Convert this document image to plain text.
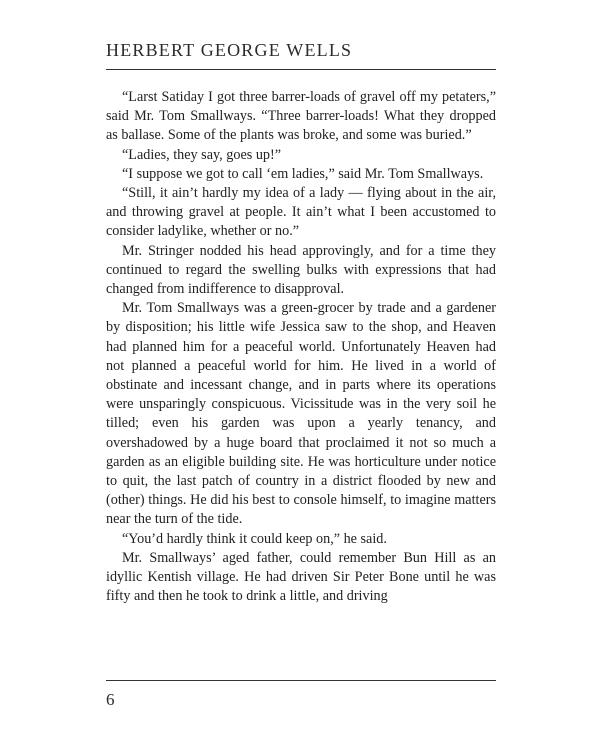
HERBERT GEORGE WELLS

“Larst Satiday I got three barrer-loads of gravel off my petaters,” said Mr. Tom Smallways. “Three barrer-loads! What they dropped as ballase. Some of the plants was broke, and some was buried.”

“Ladies, they say, goes up!”

“I suppose we got to call ‘em ladies,” said Mr. Tom Smallways.

“Still, it ain’t hardly my idea of a lady — flying about in the air, and throwing gravel at people. It ain’t what I been accustomed to consider ladylike, whether or no.”

Mr. Stringer nodded his head approvingly, and for a time they continued to regard the swelling bulks with expressions that had changed from indifference to disapproval.

Mr. Tom Smallways was a green-grocer by trade and a gardener by disposition; his little wife Jessica saw to the shop, and Heaven had planned him for a peaceful world. Unfortunately Heaven had not planned a peaceful world for him. He lived in a world of obstinate and incessant change, and in parts where its operations were unsparingly conspicuous. Vicissitude was in the very soil he tilled; even his garden was upon a yearly tenancy, and overshadowed by a huge board that proclaimed it not so much a garden as an eligible building site. He was horticulture under notice to quit, the last patch of country in a district flooded by new and (other) things. He did his best to console himself, to imagine matters near the turn of the tide.

“You’d hardly think it could keep on,” he said.

Mr. Smallways’ aged father, could remember Bun Hill as an idyllic Kentish village. He had driven Sir Peter Bone until he was fifty and then he took to drink a little, and driving

6
